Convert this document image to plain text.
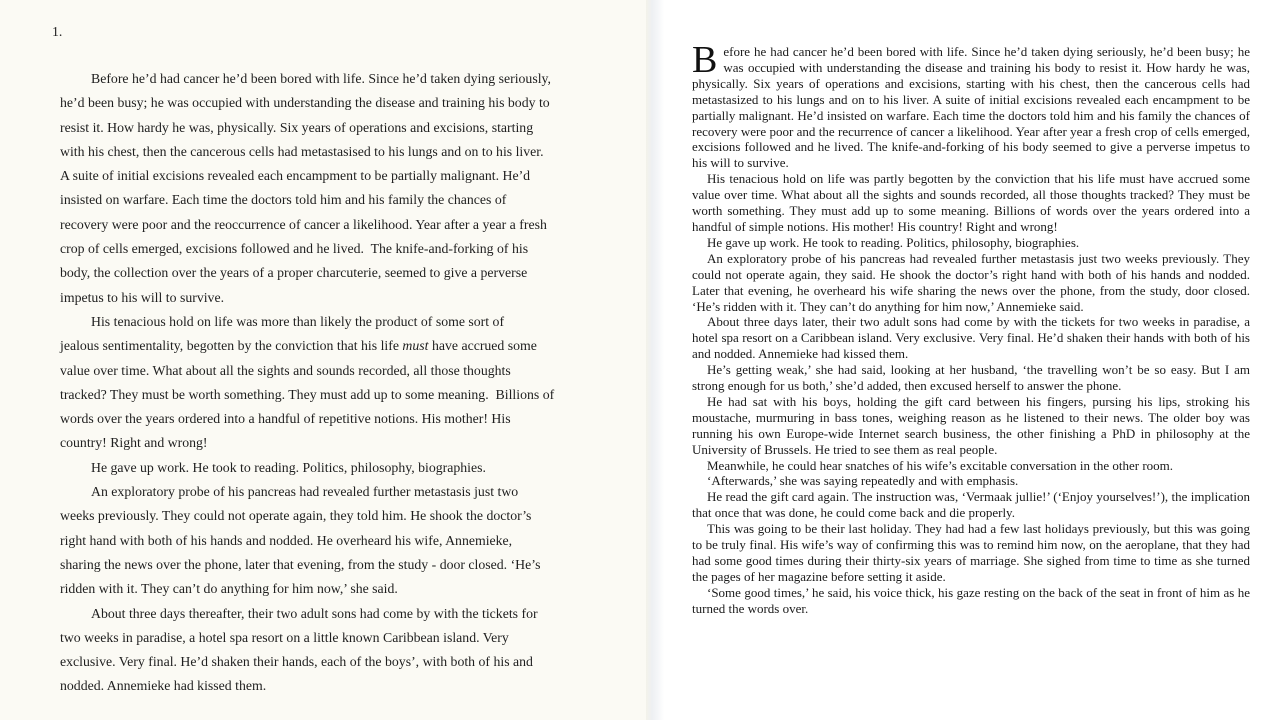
1.
Before he’d had cancer he’d been bored with life. Since he’d taken dying seriously,
he’d been busy; he was occupied with understanding the disease and training his body to
resist it. How hardy he was, physically. Six years of operations and excisions, starting
with his chest, then the cancerous cells had metastasised to his lungs and on to his liver.
A suite of initial excisions revealed each encampment to be partially malignant. He’d
insisted on warfare. Each time the doctors told him and his family the chances of
recovery were poor and the reoccurrence of cancer a likelihood. Year after a year a fresh
crop of cells emerged, excisions followed and he lived.  The knife-and-forking of his
body, the collection over the years of a proper charcuterie, seemed to give a perverse
impetus to his will to survive.
His tenacious hold on life was more than likely the product of some sort of
jealous sentimentality, begotten by the conviction that his life must have accrued some
value over time. What about all the sights and sounds recorded, all those thoughts
tracked? They must be worth something. They must add up to some meaning.  Billions of
words over the years ordered into a handful of repetitive notions. His mother! His
country! Right and wrong!
He gave up work. He took to reading. Politics, philosophy, biographies.
An exploratory probe of his pancreas had revealed further metastasis just two
weeks previously. They could not operate again, they told him. He shook the doctor’s
right hand with both of his hands and nodded. He overheard his wife, Annemieke,
sharing the news over the phone, later that evening, from the study - door closed. ‘He’s
ridden with it. They can’t do anything for him now,’ she said.
About three days thereafter, their two adult sons had come by with the tickets for
two weeks in paradise, a hotel spa resort on a little known Caribbean island. Very
exclusive. Very final. He’d shaken their hands, each of the boys’, with both of his and
nodded. Annemieke had kissed them.

Before he had cancer he’d been bored with life. Since he’d taken dying seriously, he’d been busy; he was occupied with understanding the disease and training his body to resist it. How hardy he was, physically. Six years of operations and excisions, starting with his chest, then the cancerous cells had metastasized to his lungs and on to his liver. A suite of initial excisions revealed each encampment to be partially malignant. He’d insisted on warfare. Each time the doctors told him and his family the chances of recovery were poor and the recurrence of cancer a likelihood. Year after year a fresh crop of cells emerged, excisions followed and he lived. The knife-and-forking of his body seemed to give a perverse impetus to his will to survive.

His tenacious hold on life was partly begotten by the conviction that his life must have accrued some value over time. What about all the sights and sounds recorded, all those thoughts tracked? They must be worth something. They must add up to some meaning. Billions of words over the years ordered into a handful of simple notions. His mother! His country! Right and wrong!

He gave up work. He took to reading. Politics, philosophy, biographies.

An exploratory probe of his pancreas had revealed further metastasis just two weeks previously. They could not operate again, they said. He shook the doctor’s right hand with both of his hands and nodded. Later that evening, he overheard his wife sharing the news over the phone, from the study, door closed. ‘He’s ridden with it. They can’t do anything for him now,’ Annemieke said.

About three days later, their two adult sons had come by with the tickets for two weeks in paradise, a hotel spa resort on a Caribbean island. Very exclusive. Very final. He’d shaken their hands with both of his and nodded. Annemieke had kissed them.

He’s getting weak,’ she had said, looking at her husband, ‘the travelling won’t be so easy. But I am strong enough for us both,’ she’d added, then excused herself to answer the phone.

He had sat with his boys, holding the gift card between his fingers, pursing his lips, stroking his moustache, murmuring in bass tones, weighing reason as he listened to their news. The older boy was running his own Europe-wide Internet search business, the other finishing a PhD in philosophy at the University of Brussels. He tried to see them as real people.

Meanwhile, he could hear snatches of his wife’s excitable conversation in the other room.

‘Afterwards,’ she was saying repeatedly and with emphasis.

He read the gift card again. The instruction was, ‘Vermaak jullie!’ (‘Enjoy yourselves!’), the implication that once that was done, he could come back and die properly.

This was going to be their last holiday. They had had a few last holidays previously, but this was going to be truly final. His wife’s way of confirming this was to remind him now, on the aeroplane, that they had had some good times during their thirty-six years of marriage. She sighed from time to time as she turned the pages of her magazine before setting it aside.

‘Some good times,’ he said, his voice thick, his gaze resting on the back of the seat in front of him as he turned the words over.
